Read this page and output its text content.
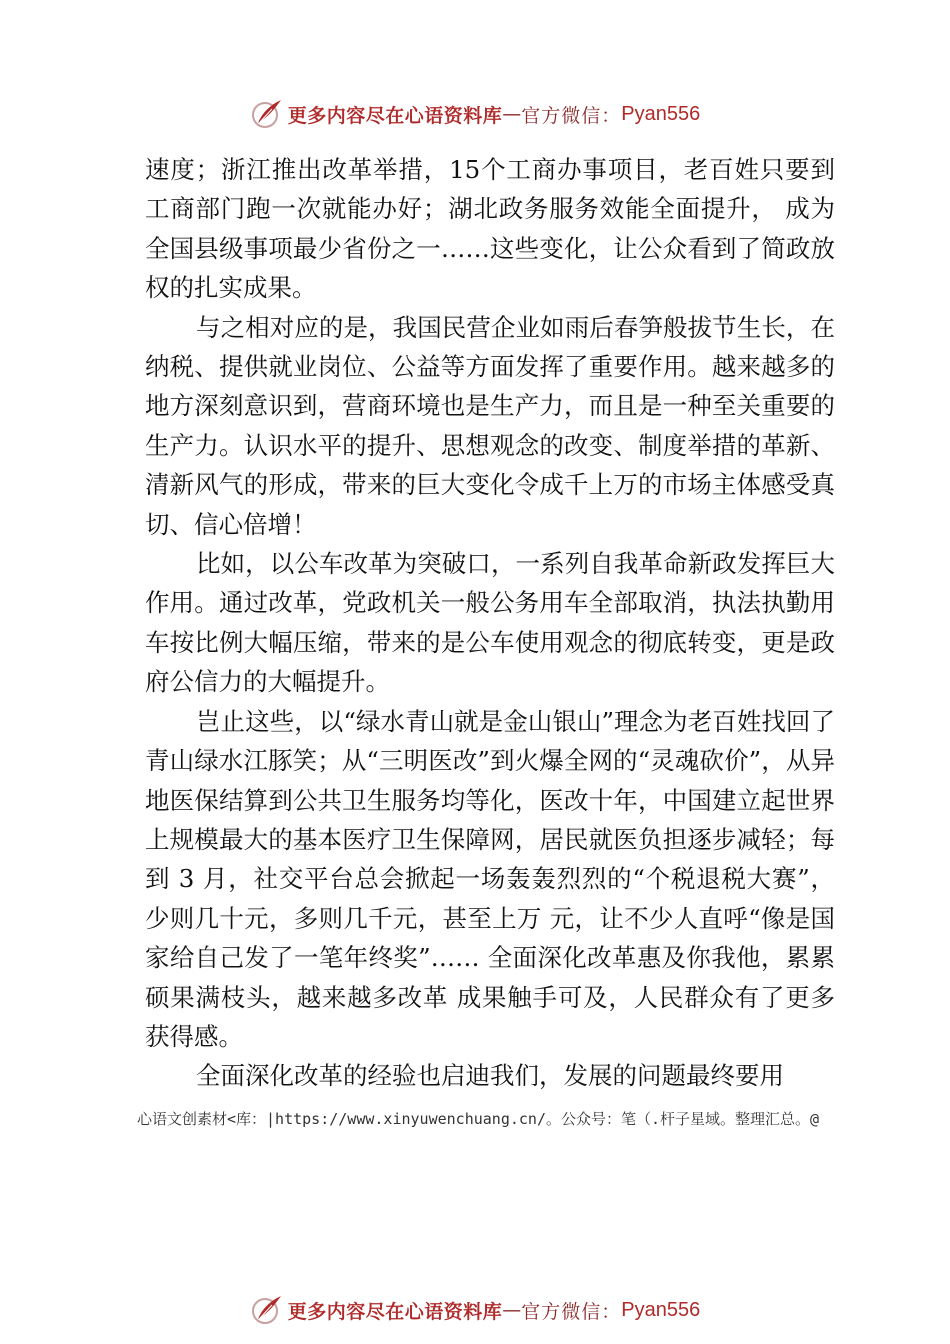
更多内容尽在心语资料库 — 官方微信： Pyan556

速度；浙江推出改革举措，15个工商办事项目，老百姓只要到工商部门跑一次就能办好；湖北政务服务效能全面提升， 成为全国县级事项最少省份之一……这些变化，让公众看到了简政放权的扎实成果。

与之相对应的是，我国民营企业如雨后春笋般拔节生长，在纳税、提供就业岗位、公益等方面发挥了重要作用。越来越多的地方深刻意识到，营商环境也是生产力，而且是一种至关重要的生产力。认识水平的提升、思想观念的改变、制度举措的革新、清新风气的形成，带来的巨大变化令成千上万的市场主体感受真切、信心倍增！

比如，以公车改革为突破口，一系列自我革命新政发挥巨大作用。通过改革，党政机关一般公务用车全部取消，执法执勤用车按比例大幅压缩，带来的是公车使用观念的彻底转变，更是政府公信力的大幅提升。

岂止这些，以“绿水青山就是金山银山”理念为老百姓找回了青山绿水江豚笑；从“三明医改”到火爆全网的“灵魂砍价”，从异地医保结算到公共卫生服务均等化，医改十年，中国建立起世界上规模最大的基本医疗卫生保障网，居民就医负担逐步减轻；每到 3 月，社交平台总会掀起一场轰轰烈烈的“个税退税大赛”，少则几十元，多则几千元，甚至上万 元，让不少人直呼“像是国家给自己发了一笔年终奖”…… 全面深化改革惠及你我他，累累硕果满枝头，越来越多改革 成果触手可及，人民群众有了更多获得感。

全面深化改革的经验也启迪我们，发展的问题最终要用

心语文创素材<库：|https://www.xinyuwenchuang.cn/。公众号：笔（.杆子星域。整理汇总。@
更多内容尽在心语资料库 — 官方微信： Pyan556
